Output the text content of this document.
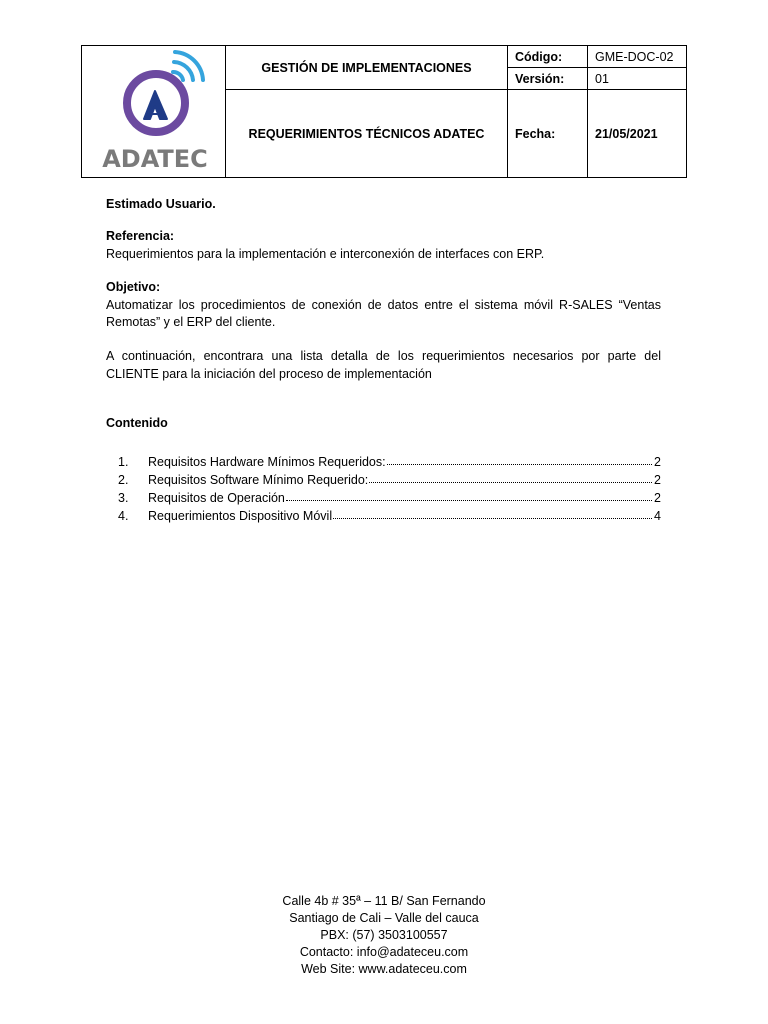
ADATEC	GESTIÓN DE IMPLEMENTACIONES	Código:	GME-DOC-02
		Versión:	01
	REQUERIMIENTOS TÉCNICOS ADATEC	Fecha:	21/05/2021

Estimado Usuario.

Referencia:

Requerimientos para la implementación e interconexión de interfaces con ERP.

Objetivo:

Automatizar los procedimientos de conexión de datos entre el sistema móvil R-SALES “Ventas Remotas” y el ERP del cliente.

A continuación, encontrara una lista detalla de los requerimientos necesarios por parte del CLIENTE para la iniciación del proceso de implementación

Contenido

1.	Requisitos Hardware Mínimos Requeridos:	2
2.	Requisitos Software Mínimo Requerido:	2
3.	Requisitos de Operación	2
4.	Requerimientos Dispositivo Móvil	4
Calle 4b # 35ª – 11 B/ San Fernando
Santiago de Cali – Valle del cauca
PBX: (57) 3503100557
Contacto: info@adateceu.com
Web Site: www.adateceu.com
